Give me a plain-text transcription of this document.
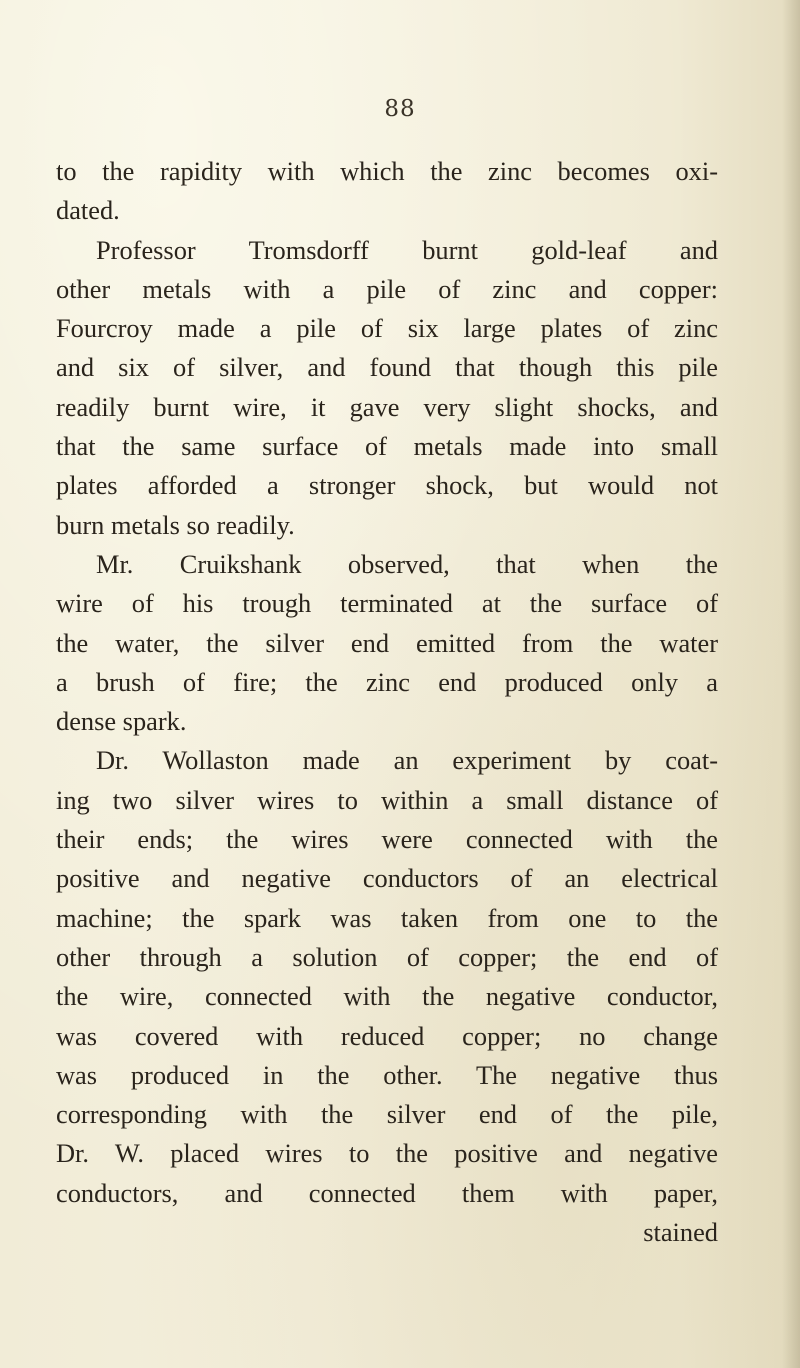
88
to the rapidity with which the zinc becomes oxi-
dated.
Professor Tromsdorff burnt gold-leaf and
other metals with a pile of zinc and copper:
Fourcroy made a pile of six large plates of zinc
and six of silver, and found that though this pile
readily burnt wire, it gave very slight shocks, and
that the same surface of metals made into small
plates afforded a stronger shock, but would not
burn metals so readily.
Mr. Cruikshank observed, that when the
wire of his trough terminated at the surface of
the water, the silver end emitted from the water
a brush of fire; the zinc end produced only a
dense spark.
Dr. Wollaston made an experiment by coat-
ing two silver wires to within a small distance of
their ends; the wires were connected with the
positive and negative conductors of an electrical
machine; the spark was taken from one to the
other through a solution of copper; the end of
the wire, connected with the negative conductor,
was covered with reduced copper; no change
was produced in the other. The negative thus
corresponding with the silver end of the pile,
Dr. W. placed wires to the positive and negative
conductors, and connected them with paper,
stained
